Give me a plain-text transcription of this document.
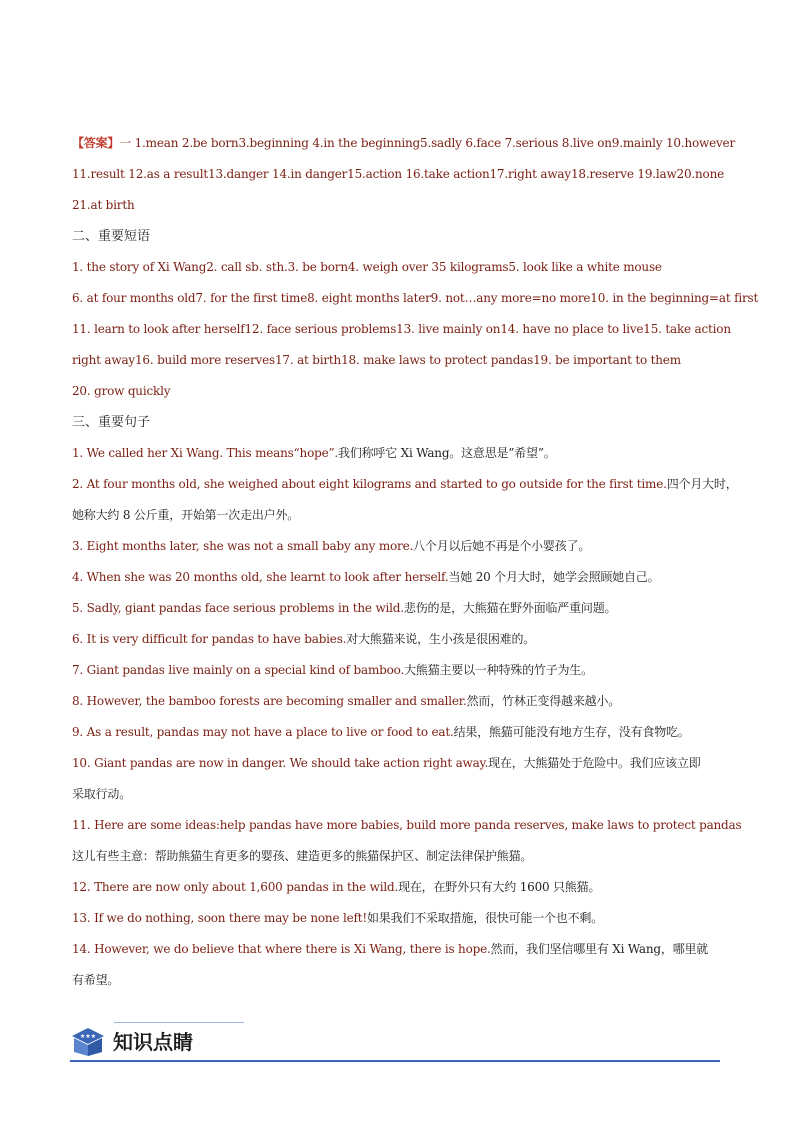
【答案】一 1.mean 2.be born3.beginning 4.in the beginning5.sadly 6.face 7.serious 8.live on9.mainly 10.however
11.result 12.as a result13.danger 14.in danger15.action 16.take action17.right away18.reserve 19.law20.none
21.at birth
二、重要短语
1. the story of Xi Wang2. call sb. sth.3. be born4. weigh over 35 kilograms5. look like a white mouse
6. at four months old7. for the first time8. eight months later9. not…any more=no more10. in the beginning=at first
11. learn to look after herself12. face serious problems13. live mainly on14. have no place to live15. take action
right away16. build more reserves17. at birth18. make laws to protect pandas19. be important to them
20. grow quickly
三、重要句子
1. We called her Xi Wang. This means“hope”.我们称呼它 Xi Wang。这意思是”希望”。
2. At four months old, she weighed about eight kilograms and started to go outside for the first time.四个月大时，
她称大约 8 公斤重，开始第一次走出户外。
3. Eight months later, she was not a small baby any more.八个月以后她不再是个小婴孩了。
4. When she was 20 months old, she learnt to look after herself.当她 20 个月大时，她学会照顾她自己。
5. Sadly, giant pandas face serious problems in the wild.悲伤的是，大熊猫在野外面临严重问题。
6. It is very difficult for pandas to have babies.对大熊猫来说，生小孩是很困难的。
7. Giant pandas live mainly on a special kind of bamboo.大熊猫主要以一种特殊的竹子为生。
8. However, the bamboo forests are becoming smaller and smaller.然而，竹林正变得越来越小。
9. As a result, pandas may not have a place to live or food to eat.结果，熊猫可能没有地方生存，没有食物吃。
10. Giant pandas are now in danger. We should take action right away.现在，大熊猫处于危险中。我们应该立即
采取行动。
11. Here are some ideas:help pandas have more babies, build more panda reserves, make laws to protect pandas
这儿有些主意：帮助熊猫生育更多的婴孩、建造更多的熊猫保护区、制定法律保护熊猫。
12. There are now only about 1,600 pandas in the wild.现在，在野外只有大约 1600 只熊猫。
13. If we do nothing, soon there may be none left!如果我们不采取措施，很快可能一个也不剩。
14. However, we do believe that where there is Xi Wang, there is hope.然而，我们坚信哪里有 Xi Wang，哪里就
有希望。
★★★ 知识点睛
